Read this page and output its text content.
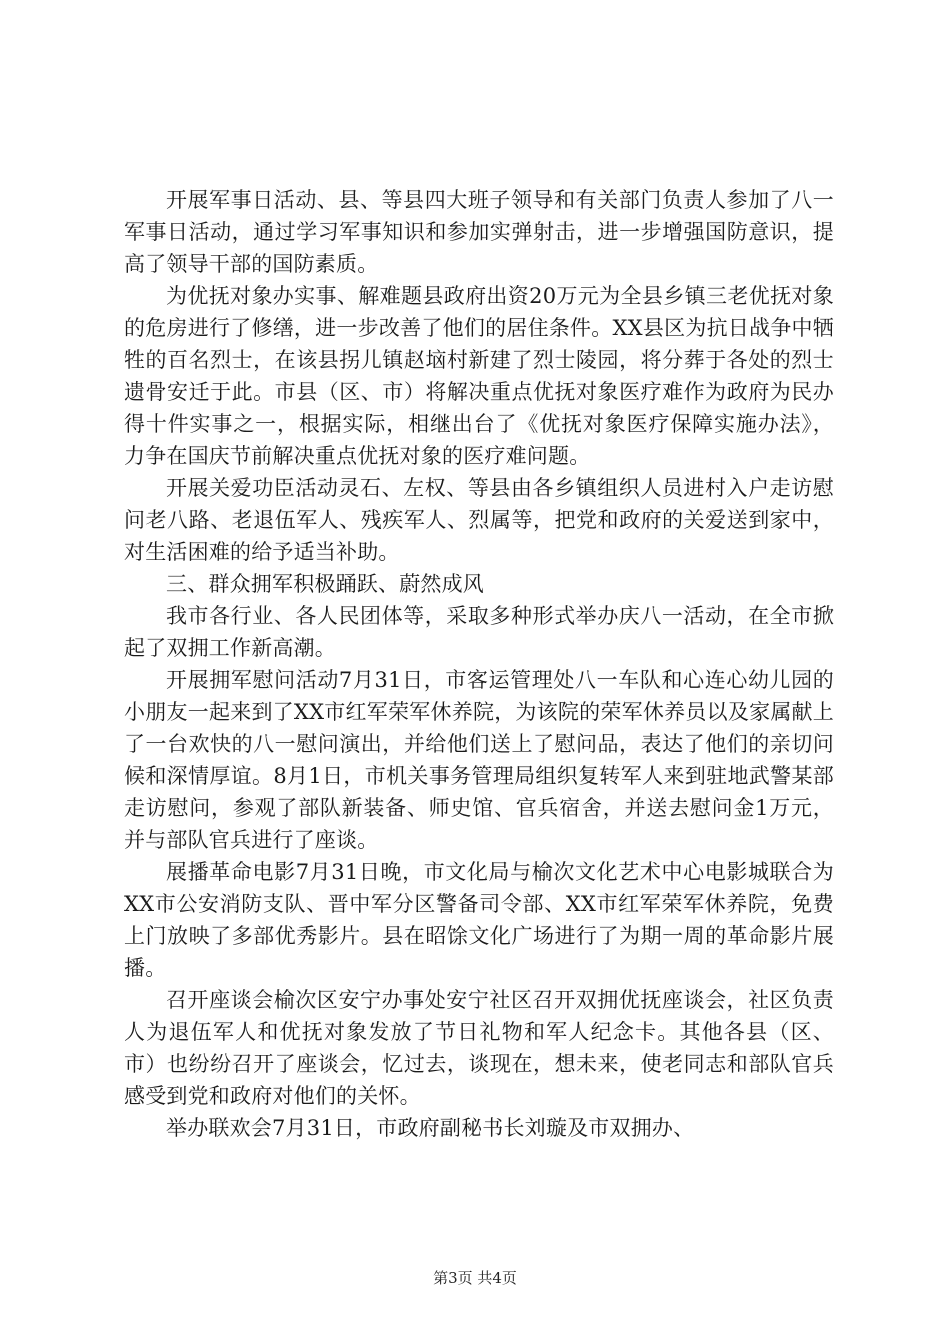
开展军事日活动、县、等县四大班子领导和有关部门负责人参加了八一军事日活动，通过学习军事知识和参加实弹射击，进一步增强国防意识，提高了领导干部的国防素质。

为优抚对象办实事、解难题县政府出资20万元为全县乡镇三老优抚对象的危房进行了修缮，进一步改善了他们的居住条件。XX县区为抗日战争中牺牲的百名烈士，在该县拐儿镇赵垴村新建了烈士陵园，将分葬于各处的烈士遗骨安迁于此。市县（区、市）将解决重点优抚对象医疗难作为政府为民办得十件实事之一，根据实际，相继出台了《优抚对象医疗保障实施办法》，力争在国庆节前解决重点优抚对象的医疗难问题。

开展关爱功臣活动灵石、左权、等县由各乡镇组织人员进村入户走访慰问老八路、老退伍军人、残疾军人、烈属等，把党和政府的关爱送到家中，对生活困难的给予适当补助。

三、群众拥军积极踊跃、蔚然成风

我市各行业、各人民团体等，采取多种形式举办庆八一活动，在全市掀起了双拥工作新高潮。

开展拥军慰问活动7月31日，市客运管理处八一车队和心连心幼儿园的小朋友一起来到了XX市红军荣军休养院，为该院的荣军休养员以及家属献上了一台欢快的八一慰问演出，并给他们送上了慰问品，表达了他们的亲切问候和深情厚谊。8月1日，市机关事务管理局组织复转军人来到驻地武警某部走访慰问，参观了部队新装备、师史馆、官兵宿舍，并送去慰问金1万元，并与部队官兵进行了座谈。

展播革命电影7月31日晚，市文化局与榆次文化艺术中心电影城联合为XX市公安消防支队、晋中军分区警备司令部、XX市红军荣军休养院，免费上门放映了多部优秀影片。县在昭馀文化广场进行了为期一周的革命影片展播。

召开座谈会榆次区安宁办事处安宁社区召开双拥优抚座谈会，社区负责人为退伍军人和优抚对象发放了节日礼物和军人纪念卡。其他各县（区、市）也纷纷召开了座谈会，忆过去，谈现在，想未来，使老同志和部队官兵感受到党和政府对他们的关怀。

举办联欢会7月31日，市政府副秘书长刘璇及市双拥办、

第3页 共4页
